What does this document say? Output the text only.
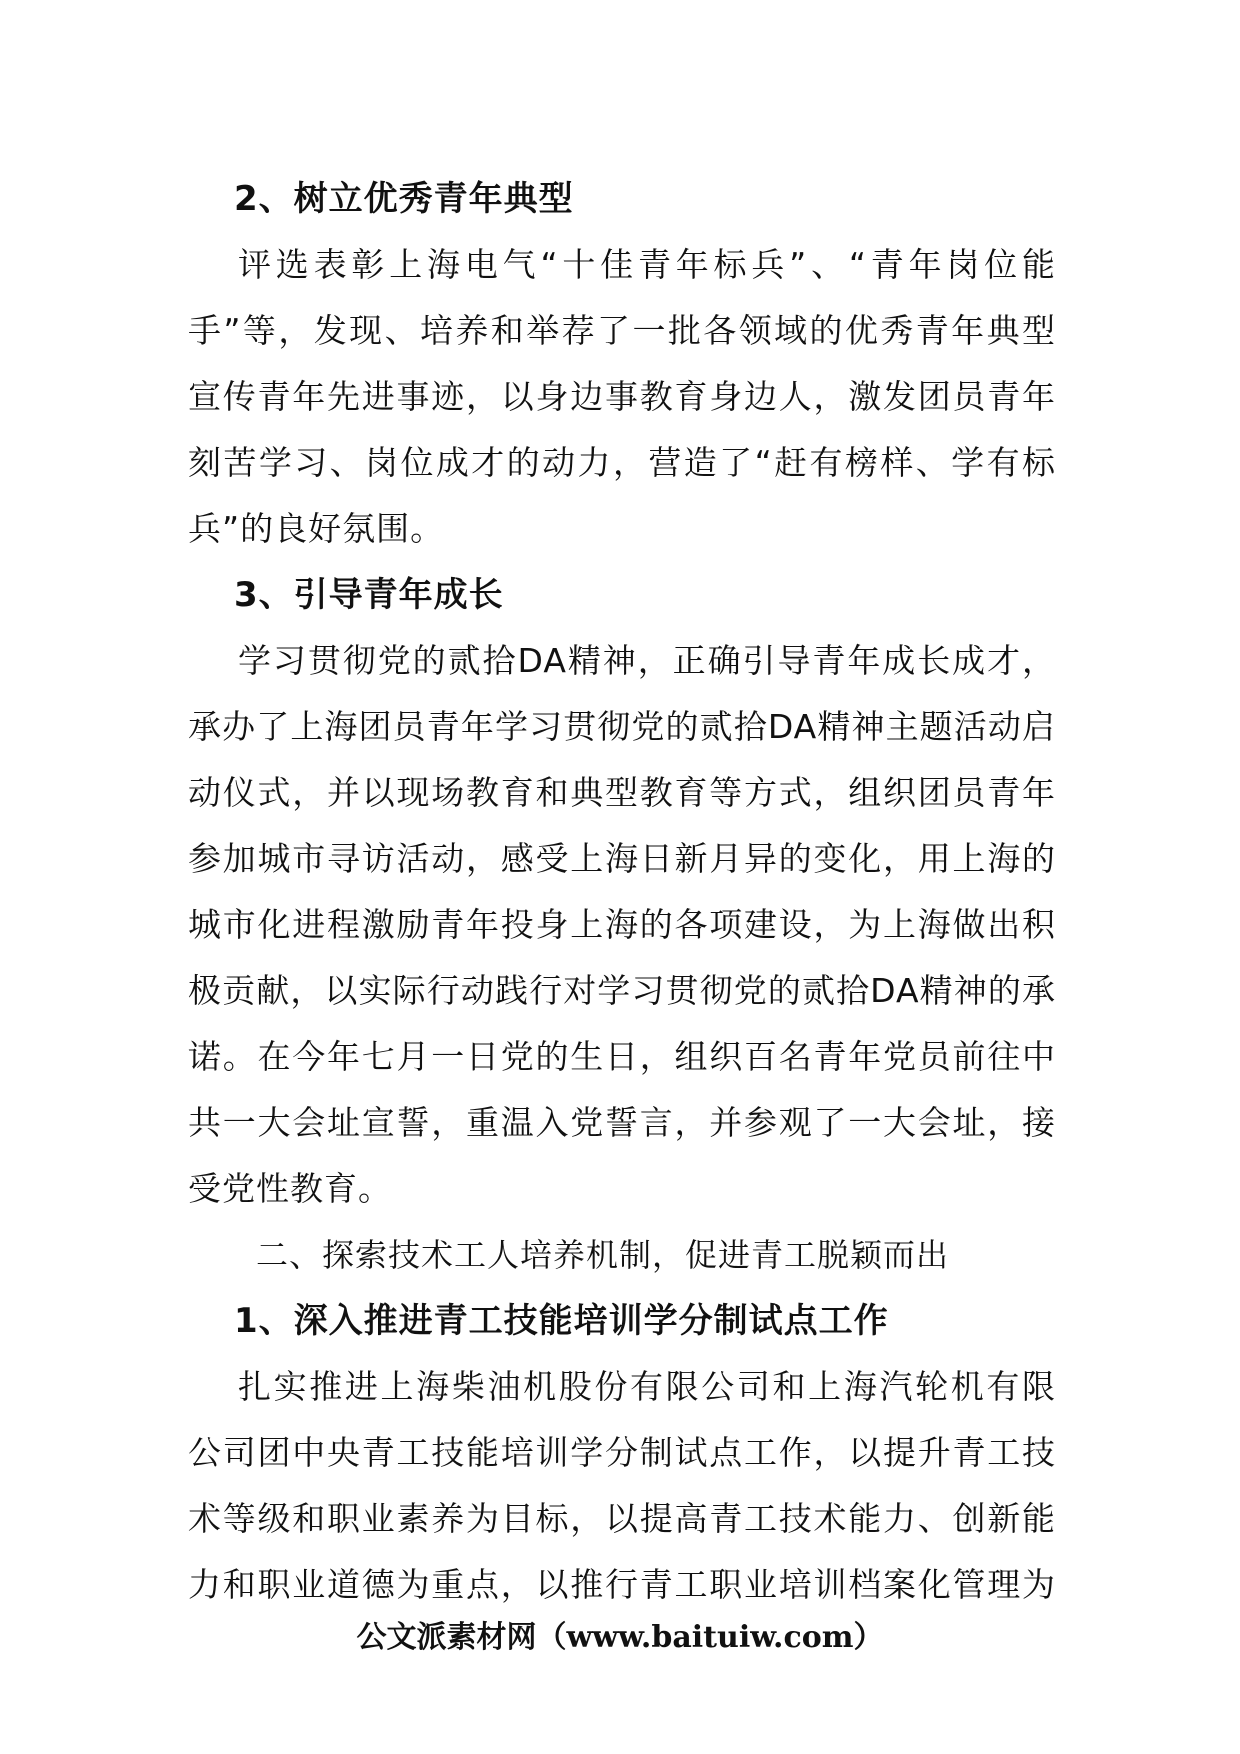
2、树立优秀青年典型
评选表彰上海电气“十佳青年标兵”、“青年岗位能
手”等，发现、培养和举荐了一批各领域的优秀青年典型
宣传青年先进事迹，以身边事教育身边人，激发团员青年
刻苦学习、岗位成才的动力，营造了“赶有榜样、学有标
兵”的良好氛围。
3、引导青年成长
学习贯彻党的贰拾DA精神，正确引导青年成长成才，
承办了上海团员青年学习贯彻党的贰拾DA精神主题活动启
动仪式，并以现场教育和典型教育等方式，组织团员青年
参加城市寻访活动，感受上海日新月异的变化，用上海的
城市化进程激励青年投身上海的各项建设，为上海做出积
极贡献，以实际行动践行对学习贯彻党的贰拾DA精神的承
诺。在今年七月一日党的生日，组织百名青年党员前往中
共一大会址宣誓，重温入党誓言，并参观了一大会址，接
受党性教育。
二、探索技术工人培养机制，促进青工脱颖而出
1、深入推进青工技能培训学分制试点工作
扎实推进上海柴油机股份有限公司和上海汽轮机有限
公司团中央青工技能培训学分制试点工作，以提升青工技
术等级和职业素养为目标，以提高青工技术能力、创新能
力和职业道德为重点，以推行青工职业培训档案化管理为
公文派素材网（www.baituiw.com）
